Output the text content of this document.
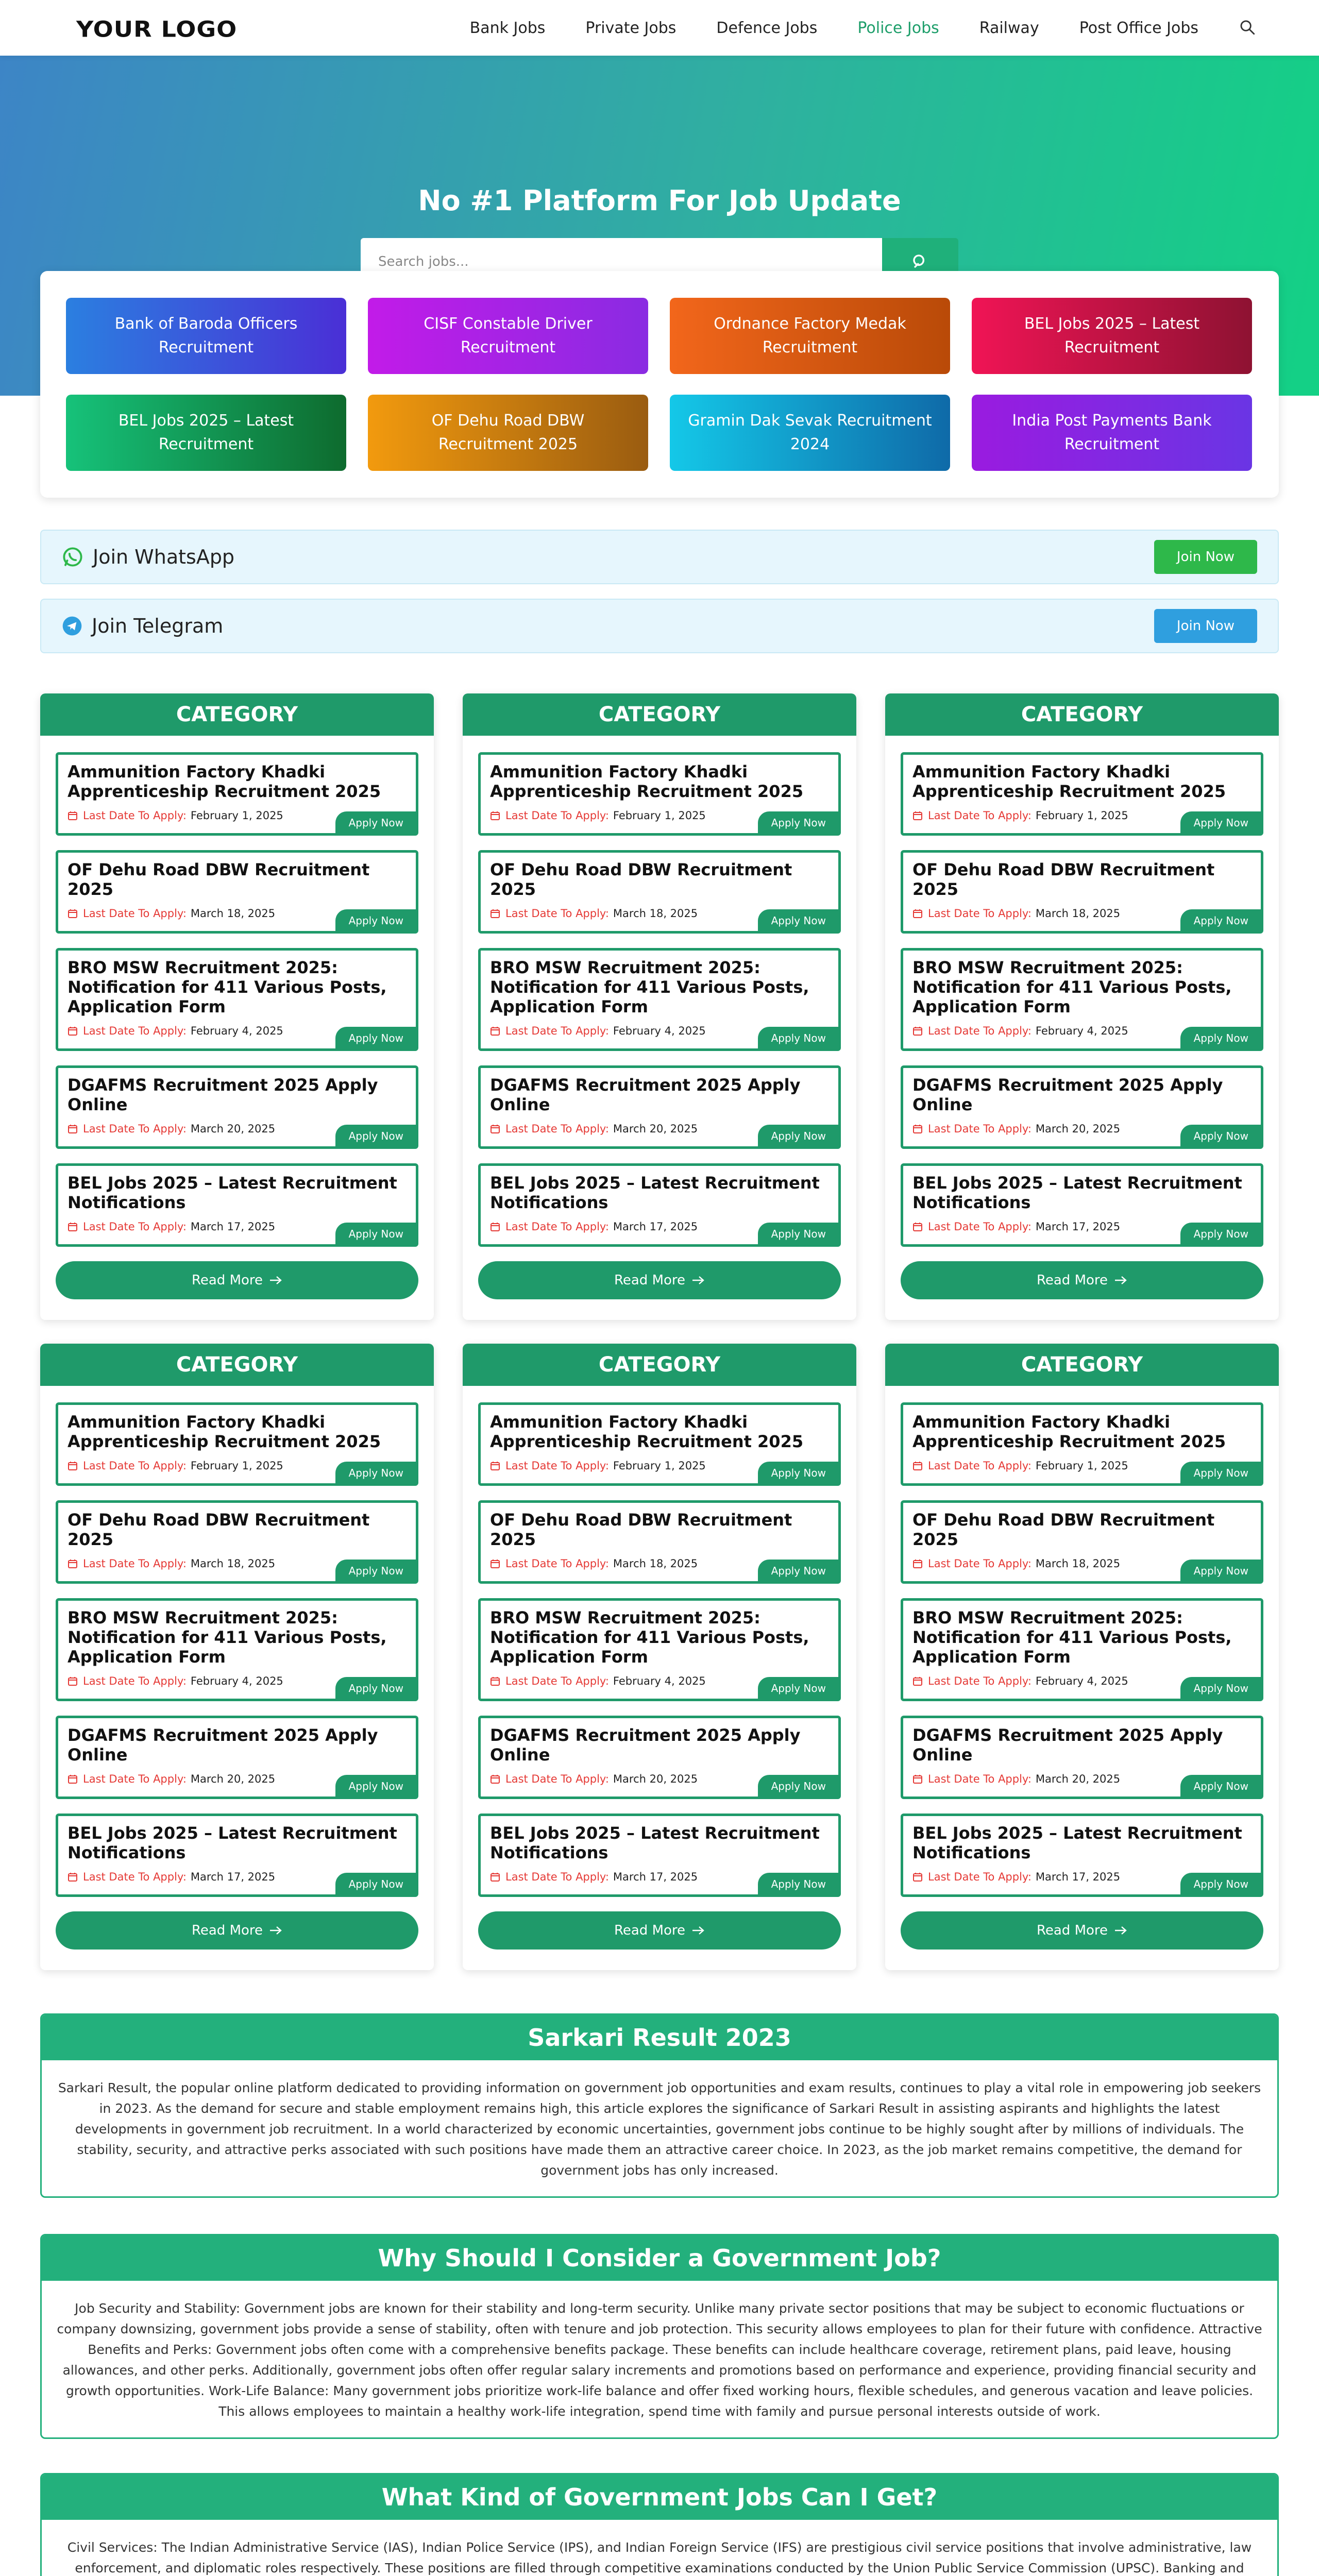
YOUR LOGO	Bank Jobs	Private Jobs	Defence Jobs	Police Jobs	Railway	Post Office Jobs
No #1 Platform For Job Update
Search jobs...
Bank of Baroda Officers Recruitment
CISF Constable Driver Recruitment
Ordnance Factory Medak Recruitment
BEL Jobs 2025 – Latest Recruitment
BEL Jobs 2025 – Latest Recruitment
OF Dehu Road DBW Recruitment 2025
Gramin Dak Sevak Recruitment 2024
India Post Payments Bank Recruitment
Join WhatsApp	Join Now
Join Telegram	Join Now
CATEGORY
Ammunition Factory Khadki Apprenticeship Recruitment 2025
Last Date To Apply: February 1, 2025
Apply Now
OF Dehu Road DBW Recruitment 2025
Last Date To Apply: March 18, 2025
Apply Now
BRO MSW Recruitment 2025: Notification for 411 Various Posts, Application Form
Last Date To Apply: February 4, 2025
Apply Now
DGAFMS Recruitment 2025 Apply Online
Last Date To Apply: March 20, 2025
Apply Now
BEL Jobs 2025 – Latest Recruitment Notifications
Last Date To Apply: March 17, 2025
Apply Now
Read More
CATEGORY
Ammunition Factory Khadki Apprenticeship Recruitment 2025
Last Date To Apply: February 1, 2025
Apply Now
OF Dehu Road DBW Recruitment 2025
Last Date To Apply: March 18, 2025
Apply Now
BRO MSW Recruitment 2025: Notification for 411 Various Posts, Application Form
Last Date To Apply: February 4, 2025
Apply Now
DGAFMS Recruitment 2025 Apply Online
Last Date To Apply: March 20, 2025
Apply Now
BEL Jobs 2025 – Latest Recruitment Notifications
Last Date To Apply: March 17, 2025
Apply Now
Read More
CATEGORY
Ammunition Factory Khadki Apprenticeship Recruitment 2025
Last Date To Apply: February 1, 2025
Apply Now
OF Dehu Road DBW Recruitment 2025
Last Date To Apply: March 18, 2025
Apply Now
BRO MSW Recruitment 2025: Notification for 411 Various Posts, Application Form
Last Date To Apply: February 4, 2025
Apply Now
DGAFMS Recruitment 2025 Apply Online
Last Date To Apply: March 20, 2025
Apply Now
BEL Jobs 2025 – Latest Recruitment Notifications
Last Date To Apply: March 17, 2025
Apply Now
Read More
CATEGORY
Ammunition Factory Khadki Apprenticeship Recruitment 2025
Last Date To Apply: February 1, 2025
Apply Now
OF Dehu Road DBW Recruitment 2025
Last Date To Apply: March 18, 2025
Apply Now
BRO MSW Recruitment 2025: Notification for 411 Various Posts, Application Form
Last Date To Apply: February 4, 2025
Apply Now
DGAFMS Recruitment 2025 Apply Online
Last Date To Apply: March 20, 2025
Apply Now
BEL Jobs 2025 – Latest Recruitment Notifications
Last Date To Apply: March 17, 2025
Apply Now
Read More
CATEGORY
Ammunition Factory Khadki Apprenticeship Recruitment 2025
Last Date To Apply: February 1, 2025
Apply Now
OF Dehu Road DBW Recruitment 2025
Last Date To Apply: March 18, 2025
Apply Now
BRO MSW Recruitment 2025: Notification for 411 Various Posts, Application Form
Last Date To Apply: February 4, 2025
Apply Now
DGAFMS Recruitment 2025 Apply Online
Last Date To Apply: March 20, 2025
Apply Now
BEL Jobs 2025 – Latest Recruitment Notifications
Last Date To Apply: March 17, 2025
Apply Now
Read More
CATEGORY
Ammunition Factory Khadki Apprenticeship Recruitment 2025
Last Date To Apply: February 1, 2025
Apply Now
OF Dehu Road DBW Recruitment 2025
Last Date To Apply: March 18, 2025
Apply Now
BRO MSW Recruitment 2025: Notification for 411 Various Posts, Application Form
Last Date To Apply: February 4, 2025
Apply Now
DGAFMS Recruitment 2025 Apply Online
Last Date To Apply: March 20, 2025
Apply Now
BEL Jobs 2025 – Latest Recruitment Notifications
Last Date To Apply: March 17, 2025
Apply Now
Read More
Sarkari Result 2023
Sarkari Result, the popular online platform dedicated to providing information on government job opportunities and exam results, continues to play a vital role in empowering job seekers in 2023. As the demand for secure and stable employment remains high, this article explores the significance of Sarkari Result in assisting aspirants and highlights the latest developments in government job recruitment. In a world characterized by economic uncertainties, government jobs continue to be highly sought after by millions of individuals. The stability, security, and attractive perks associated with such positions have made them an attractive career choice. In 2023, as the job market remains competitive, the demand for government jobs has only increased.
Why Should I Consider a Government Job?
Job Security and Stability: Government jobs are known for their stability and long-term security. Unlike many private sector positions that may be subject to economic fluctuations or company downsizing, government jobs provide a sense of stability, often with tenure and job protection. This security allows employees to plan for their future with confidence. Attractive Benefits and Perks: Government jobs often come with a comprehensive benefits package. These benefits can include healthcare coverage, retirement plans, paid leave, housing allowances, and other perks. Additionally, government jobs often offer regular salary increments and promotions based on performance and experience, providing financial security and growth opportunities. Work-Life Balance: Many government jobs prioritize work-life balance and offer fixed working hours, flexible schedules, and generous vacation and leave policies. This allows employees to maintain a healthy work-life integration, spend time with family and pursue personal interests outside of work.
What Kind of Government Jobs Can I Get?
Civil Services: The Indian Administrative Service (IAS), Indian Police Service (IPS), and Indian Foreign Service (IFS) are prestigious civil service positions that involve administrative, law enforcement, and diplomatic roles respectively. These positions are filled through competitive examinations conducted by the Union Public Service Commission (UPSC). Banking and
